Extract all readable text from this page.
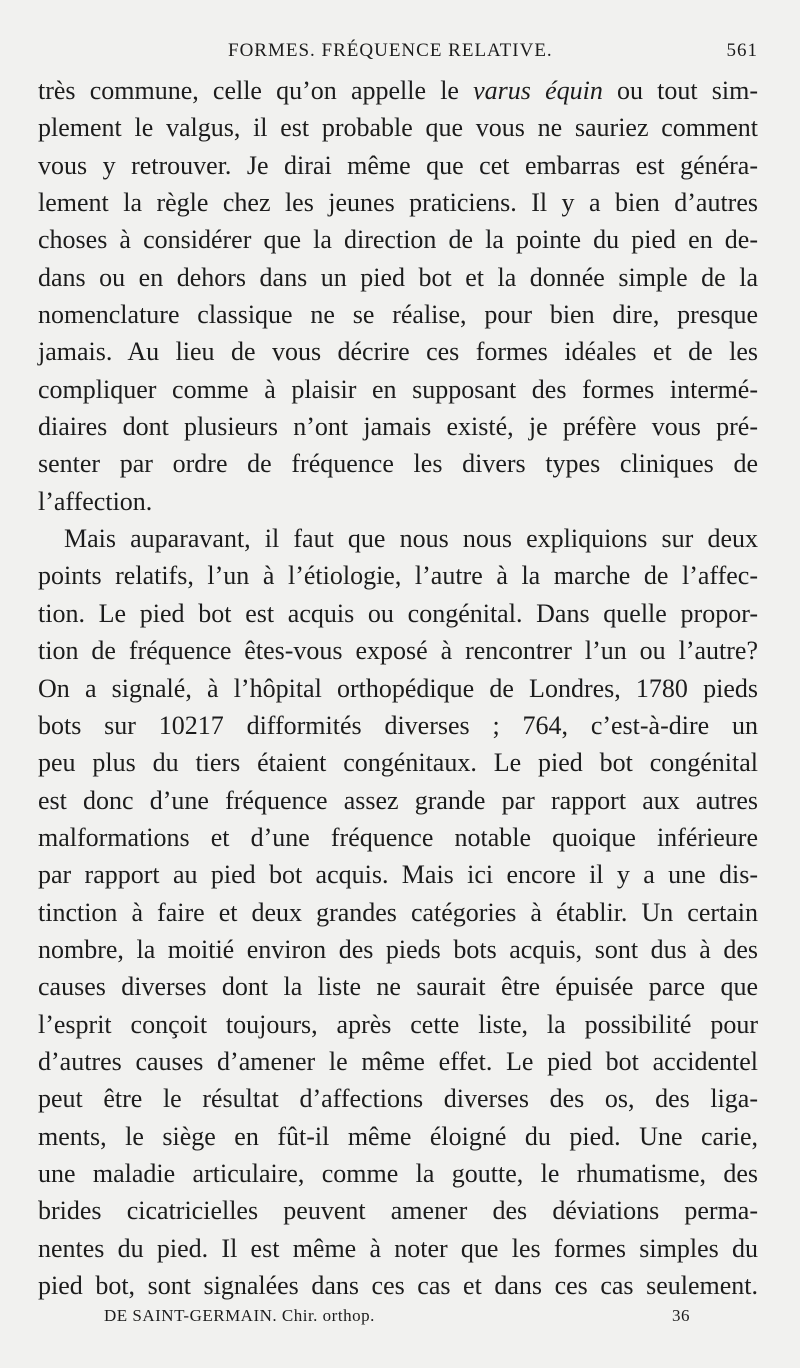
FORMES. FRÉQUENCE RELATIVE.	561
très commune, celle qu’on appelle le varus équin ou tout sim-
plement le valgus, il est probable que vous ne sauriez comment
vous y retrouver. Je dirai même que cet embarras est généra-
lement la règle chez les jeunes praticiens. Il y a bien d’autres
choses à considérer que la direction de la pointe du pied en de-
dans ou en dehors dans un pied bot et la donnée simple de la
nomenclature classique ne se réalise, pour bien dire, presque
jamais. Au lieu de vous décrire ces formes idéales et de les
compliquer comme à plaisir en supposant des formes intermé-
diaires dont plusieurs n’ont jamais existé, je préfère vous pré-
senter par ordre de fréquence les divers types cliniques de
l’affection.
Mais auparavant, il faut que nous nous expliquions sur deux
points relatifs, l’un à l’étiologie, l’autre à la marche de l’affec-
tion. Le pied bot est acquis ou congénital. Dans quelle propor-
tion de fréquence êtes-vous exposé à rencontrer l’un ou l’autre?
On a signalé, à l’hôpital orthopédique de Londres, 1780 pieds
bots sur 10217 difformités diverses ; 764, c’est-à-dire un
peu plus du tiers étaient congénitaux. Le pied bot congénital
est donc d’une fréquence assez grande par rapport aux autres
malformations et d’une fréquence notable quoique inférieure
par rapport au pied bot acquis. Mais ici encore il y a une dis-
tinction à faire et deux grandes catégories à établir. Un certain
nombre, la moitié environ des pieds bots acquis, sont dus à des
causes diverses dont la liste ne saurait être épuisée parce que
l’esprit conçoit toujours, après cette liste, la possibilité pour
d’autres causes d’amener le même effet. Le pied bot accidentel
peut être le résultat d’affections diverses des os, des liga-
ments, le siège en fût-il même éloigné du pied. Une carie,
une maladie articulaire, comme la goutte, le rhumatisme, des
brides cicatricielles peuvent amener des déviations perma-
nentes du pied. Il est même à noter que les formes simples du
pied bot, sont signalées dans ces cas et dans ces cas seulement.
DE SAINT-GERMAIN. Chir. orthop.	36
